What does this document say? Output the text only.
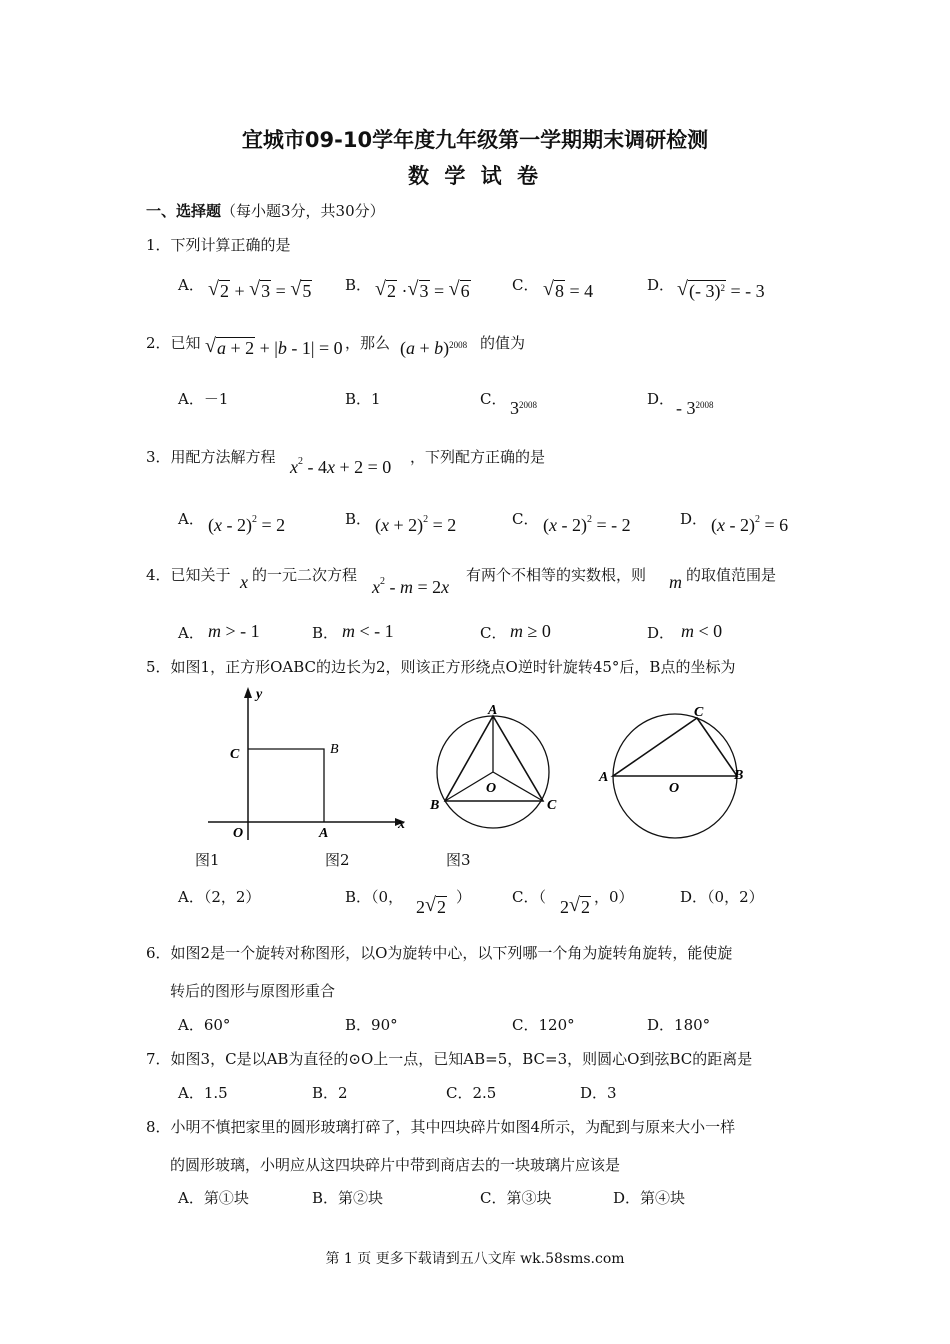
宜城市09-10学年度九年级第一学期期末调研检测
数 学 试 卷
一、选择题（每小题3分，共30分）
1．下列计算正确的是
A． √ 2 + √ 3 = √ 5 B． √ 2 · √ 3 = √ 6	C． √ 8 = 4	D． √ (- 3)$^2$ = - 3
2．已知 √ a + 2 + |b - 1| = 0 ，那么 $(a + b)^{2008}$ 的值为
A．－1	B．1	C． $3^{2008}$	D． - $3^{2008}$
3．用配方法解方程 $x^2 - 4x + 2 = 0$ ，下列配方正确的是
A． (x - 2)$^2$ = 2	B． $(x + 2)^2 = 2$	C． (x - 2)$^2$ = - 2	D． (x - 2)$^2$ = 6
4．已知关于 x 的一元二次方程
$x^2 - m = 2x$
有两个不相等的实数根，则 m 的取值范围是
A． m > - 1	B． m < - 1	C． m ≥ 0	D． m < 0
5．如图1，正方形OABC的边长为2，则该正方形绕点O逆时针旋转45°后，B点的坐标为
y
x
C	B
O	A
A
B	C
O
A	B
C
O
图1	图2	图3
A．（2，2）	B．（0， 2 √ 2 ）	C．（ 2 √ 2 ，0）	D．（0，2）
6．如图2是一个旋转对称图形，以O为旋转中心，以下列哪一个角为旋转角旋转，能使旋
转后的图形与原图形重合
A．60°	B．90°	C．120°	D．180°
7．如图3，C是以AB为直径的⊙O上一点，已知AB=5，BC=3，则圆心O到弦BC的距离是
A．1.5	B．2	C．2.5	D．3
8．小明不慎把家里的圆形玻璃打碎了，其中四块碎片如图4所示，为配到与原来大小一样
的圆形玻璃，小明应从这四块碎片中带到商店去的一块玻璃片应该是
A．第①块	B．第②块	C．第③块	D．第④块
第 1 页 更多下载请到五八文库 wk.58sms.com
